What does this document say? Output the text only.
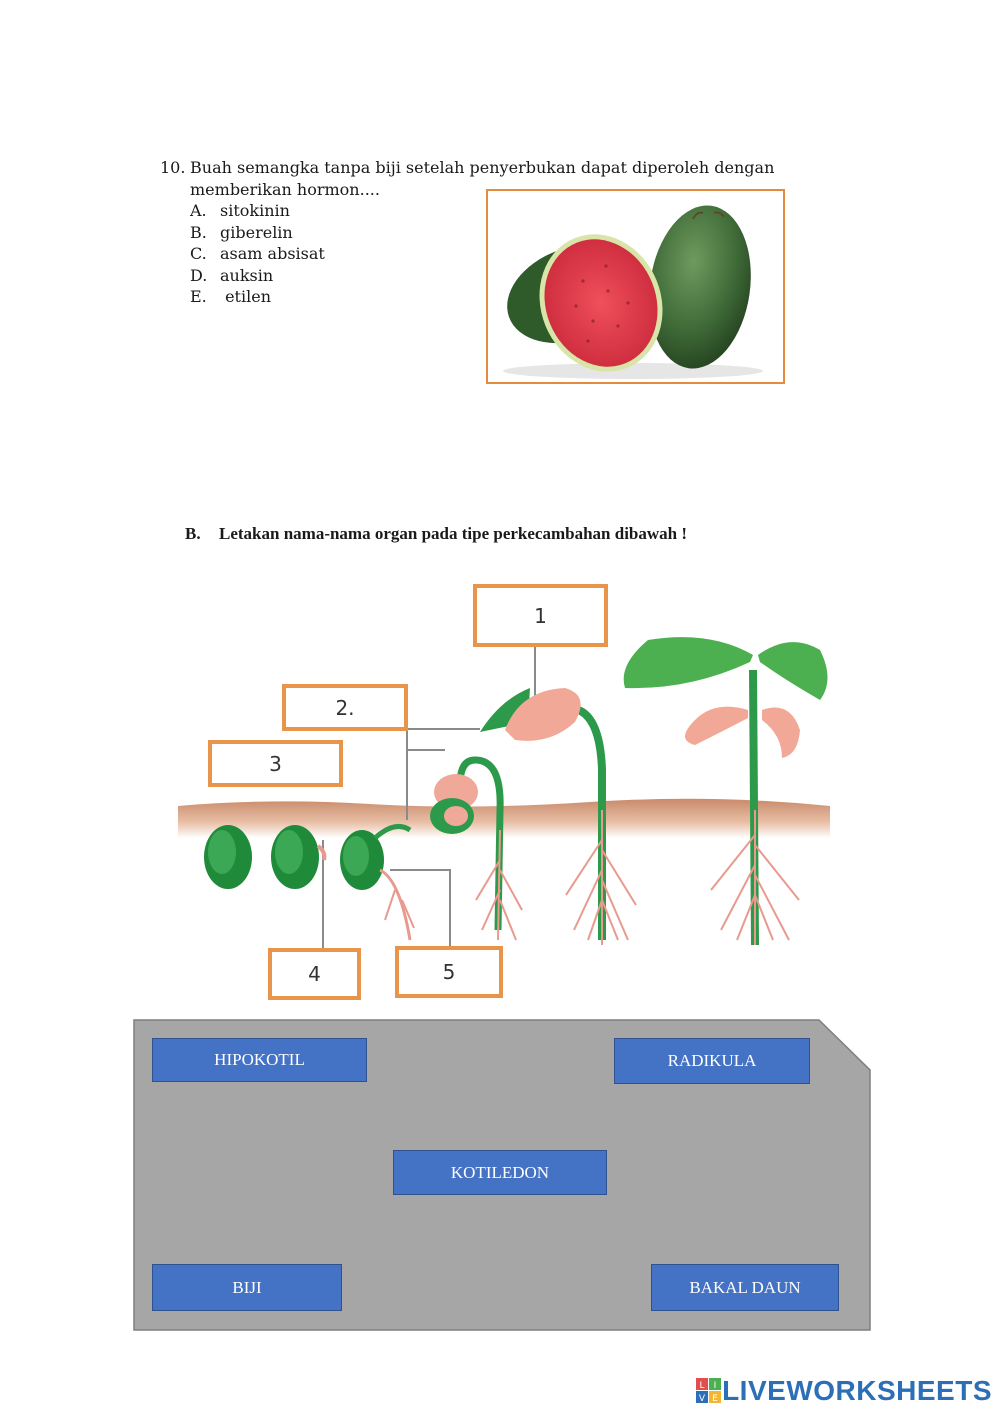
10. Buah semangka tanpa biji setelah penyerbukan dapat diperoleh dengan
memberikan hormon....
A. sitokinin
B. giberelin
C. asam absisat
D. auksin
E. etilen
B. Letakan nama-nama organ pada tipe perkecambahan dibawah !
1
2.
3
4	5
HIPOKOTIL	RADIKULA
KOTILEDON
BIJI	BAKAL DAUN
L I
V E LIVEWORKSHEETS
